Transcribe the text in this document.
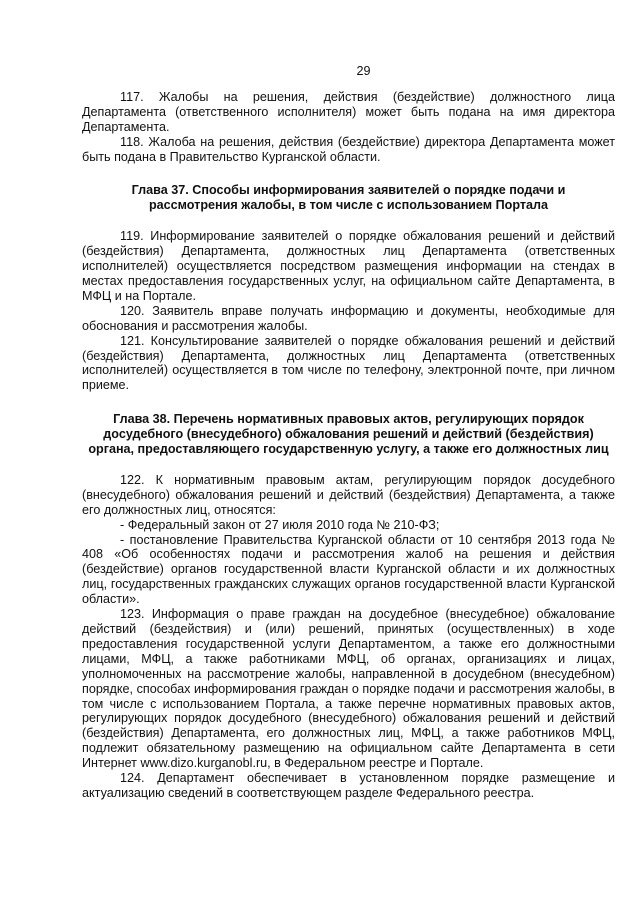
29

117. Жалобы на решения, действия (бездействие) должностного лица Департамента (ответственного исполнителя) может быть подана на имя директора Департамента.

118. Жалоба на решения, действия (бездействие) директора Департамента может быть подана в Правительство Курганской области.

Глава 37. Способы информирования заявителей о порядке подачи и
рассмотрения жалобы, в том числе с использованием Портала

119. Информирование заявителей о порядке обжалования решений и действий (бездействия) Департамента, должностных лиц Департамента (ответственных исполнителей) осуществляется посредством размещения информации на стендах в местах предоставления государственных услуг, на официальном сайте Департамента, в МФЦ и на Портале.

120. Заявитель вправе получать информацию и документы, необходимые для обоснования и рассмотрения жалобы.

121. Консультирование заявителей о порядке обжалования решений и действий (бездействия) Департамента, должностных лиц Департамента (ответственных исполнителей) осуществляется в том числе по телефону, электронной почте, при личном приеме.

Глава 38. Перечень нормативных правовых актов, регулирующих порядок
досудебного (внесудебного) обжалования решений и действий (бездействия)
органа, предоставляющего государственную услугу, а также его должностных лиц

122. К нормативным правовым актам, регулирующим порядок досудебного (внесудебного) обжалования решений и действий (бездействия) Департамента, а также его должностных лиц, относятся:

- Федеральный закон от 27 июля 2010 года № 210-ФЗ;

- постановление Правительства Курганской области от 10 сентября 2013 года № 408 «Об особенностях подачи и рассмотрения жалоб на решения и действия (бездействие) органов государственной власти Курганской области и их должностных лиц, государственных гражданских служащих органов государственной власти Курганской области».

123. Информация о праве граждан на досудебное (внесудебное) обжалование действий (бездействия) и (или) решений, принятых (осуществленных) в ходе предоставления государственной услуги Департаментом, а также его должностными лицами, МФЦ, а также работниками МФЦ, об органах, организациях и лицах, уполномоченных на рассмотрение жалобы, направленной в досудебном (внесудебном) порядке, способах информирования граждан о порядке подачи и рассмотрения жалобы, в том числе с использованием Портала, а также перечне нормативных правовых актов, регулирующих порядок досудебного (внесудебного) обжалования решений и действий (бездействия) Департамента, его должностных лиц, МФЦ, а также работников МФЦ, подлежит обязательному размещению на официальном сайте Департамента в сети Интернет www.dizo.kurganobl.ru, в Федеральном реестре и Портале.

124. Департамент обеспечивает в установленном порядке размещение и актуализацию сведений в соответствующем разделе Федерального реестра.
